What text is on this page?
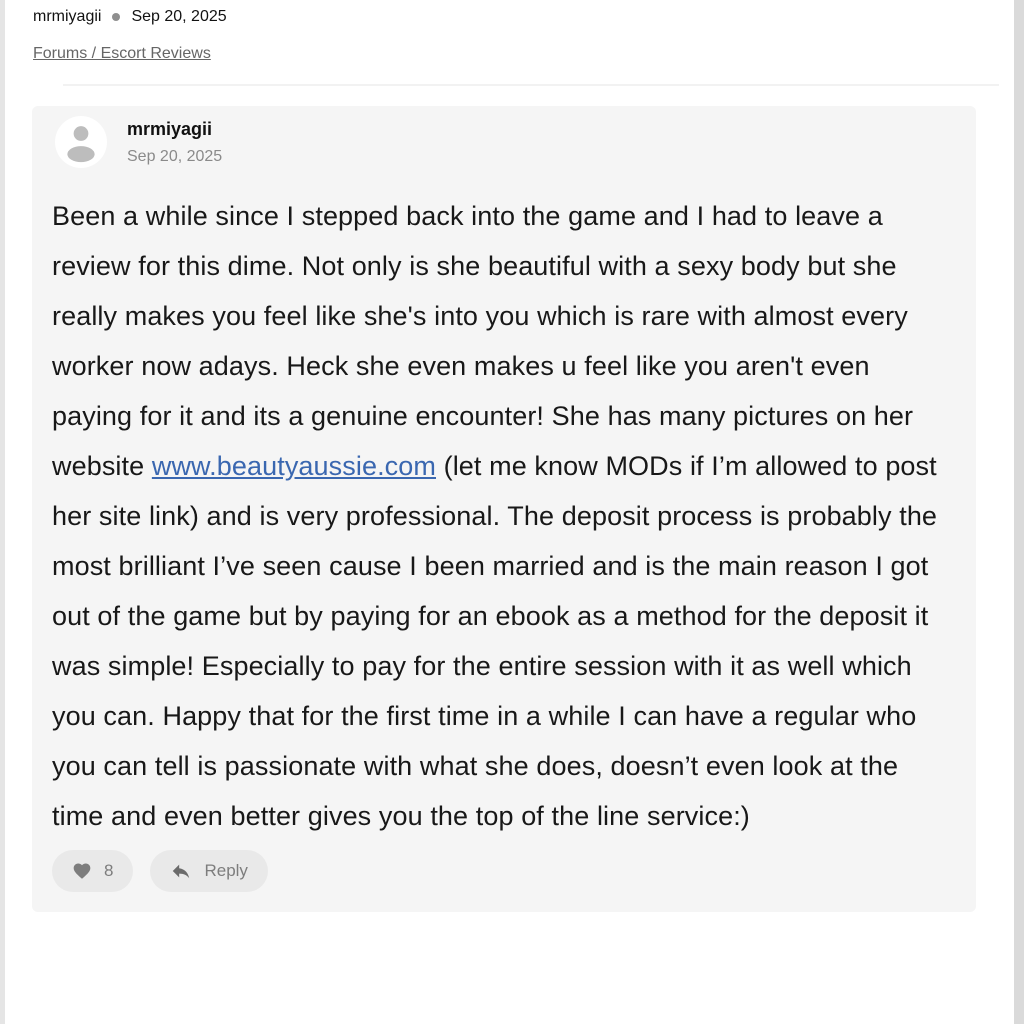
mrmiyagii Sep 20, 2025
Forums / Escort Reviews
mrmiyagii
Sep 20, 2025

Been a while since I stepped back into the game and I had to leave a review for this dime. Not only is she beautiful with a sexy body but she really makes you feel like she's into you which is rare with almost every worker now adays. Heck she even makes u feel like you aren't even paying for it and its a genuine encounter! She has many pictures on her website www.beautyaussie.com (let me know MODs if I’m allowed to post her site link) and is very professional. The deposit process is probably the most brilliant I’ve seen cause I been married and is the main reason I got out of the game but by paying for an ebook as a method for the deposit it was simple! Especially to pay for the entire session with it as well which you can. Happy that for the first time in a while I can have a regular who you can tell is passionate with what she does, doesn’t even look at the time and even better gives you the top of the line service:)

8	Reply
